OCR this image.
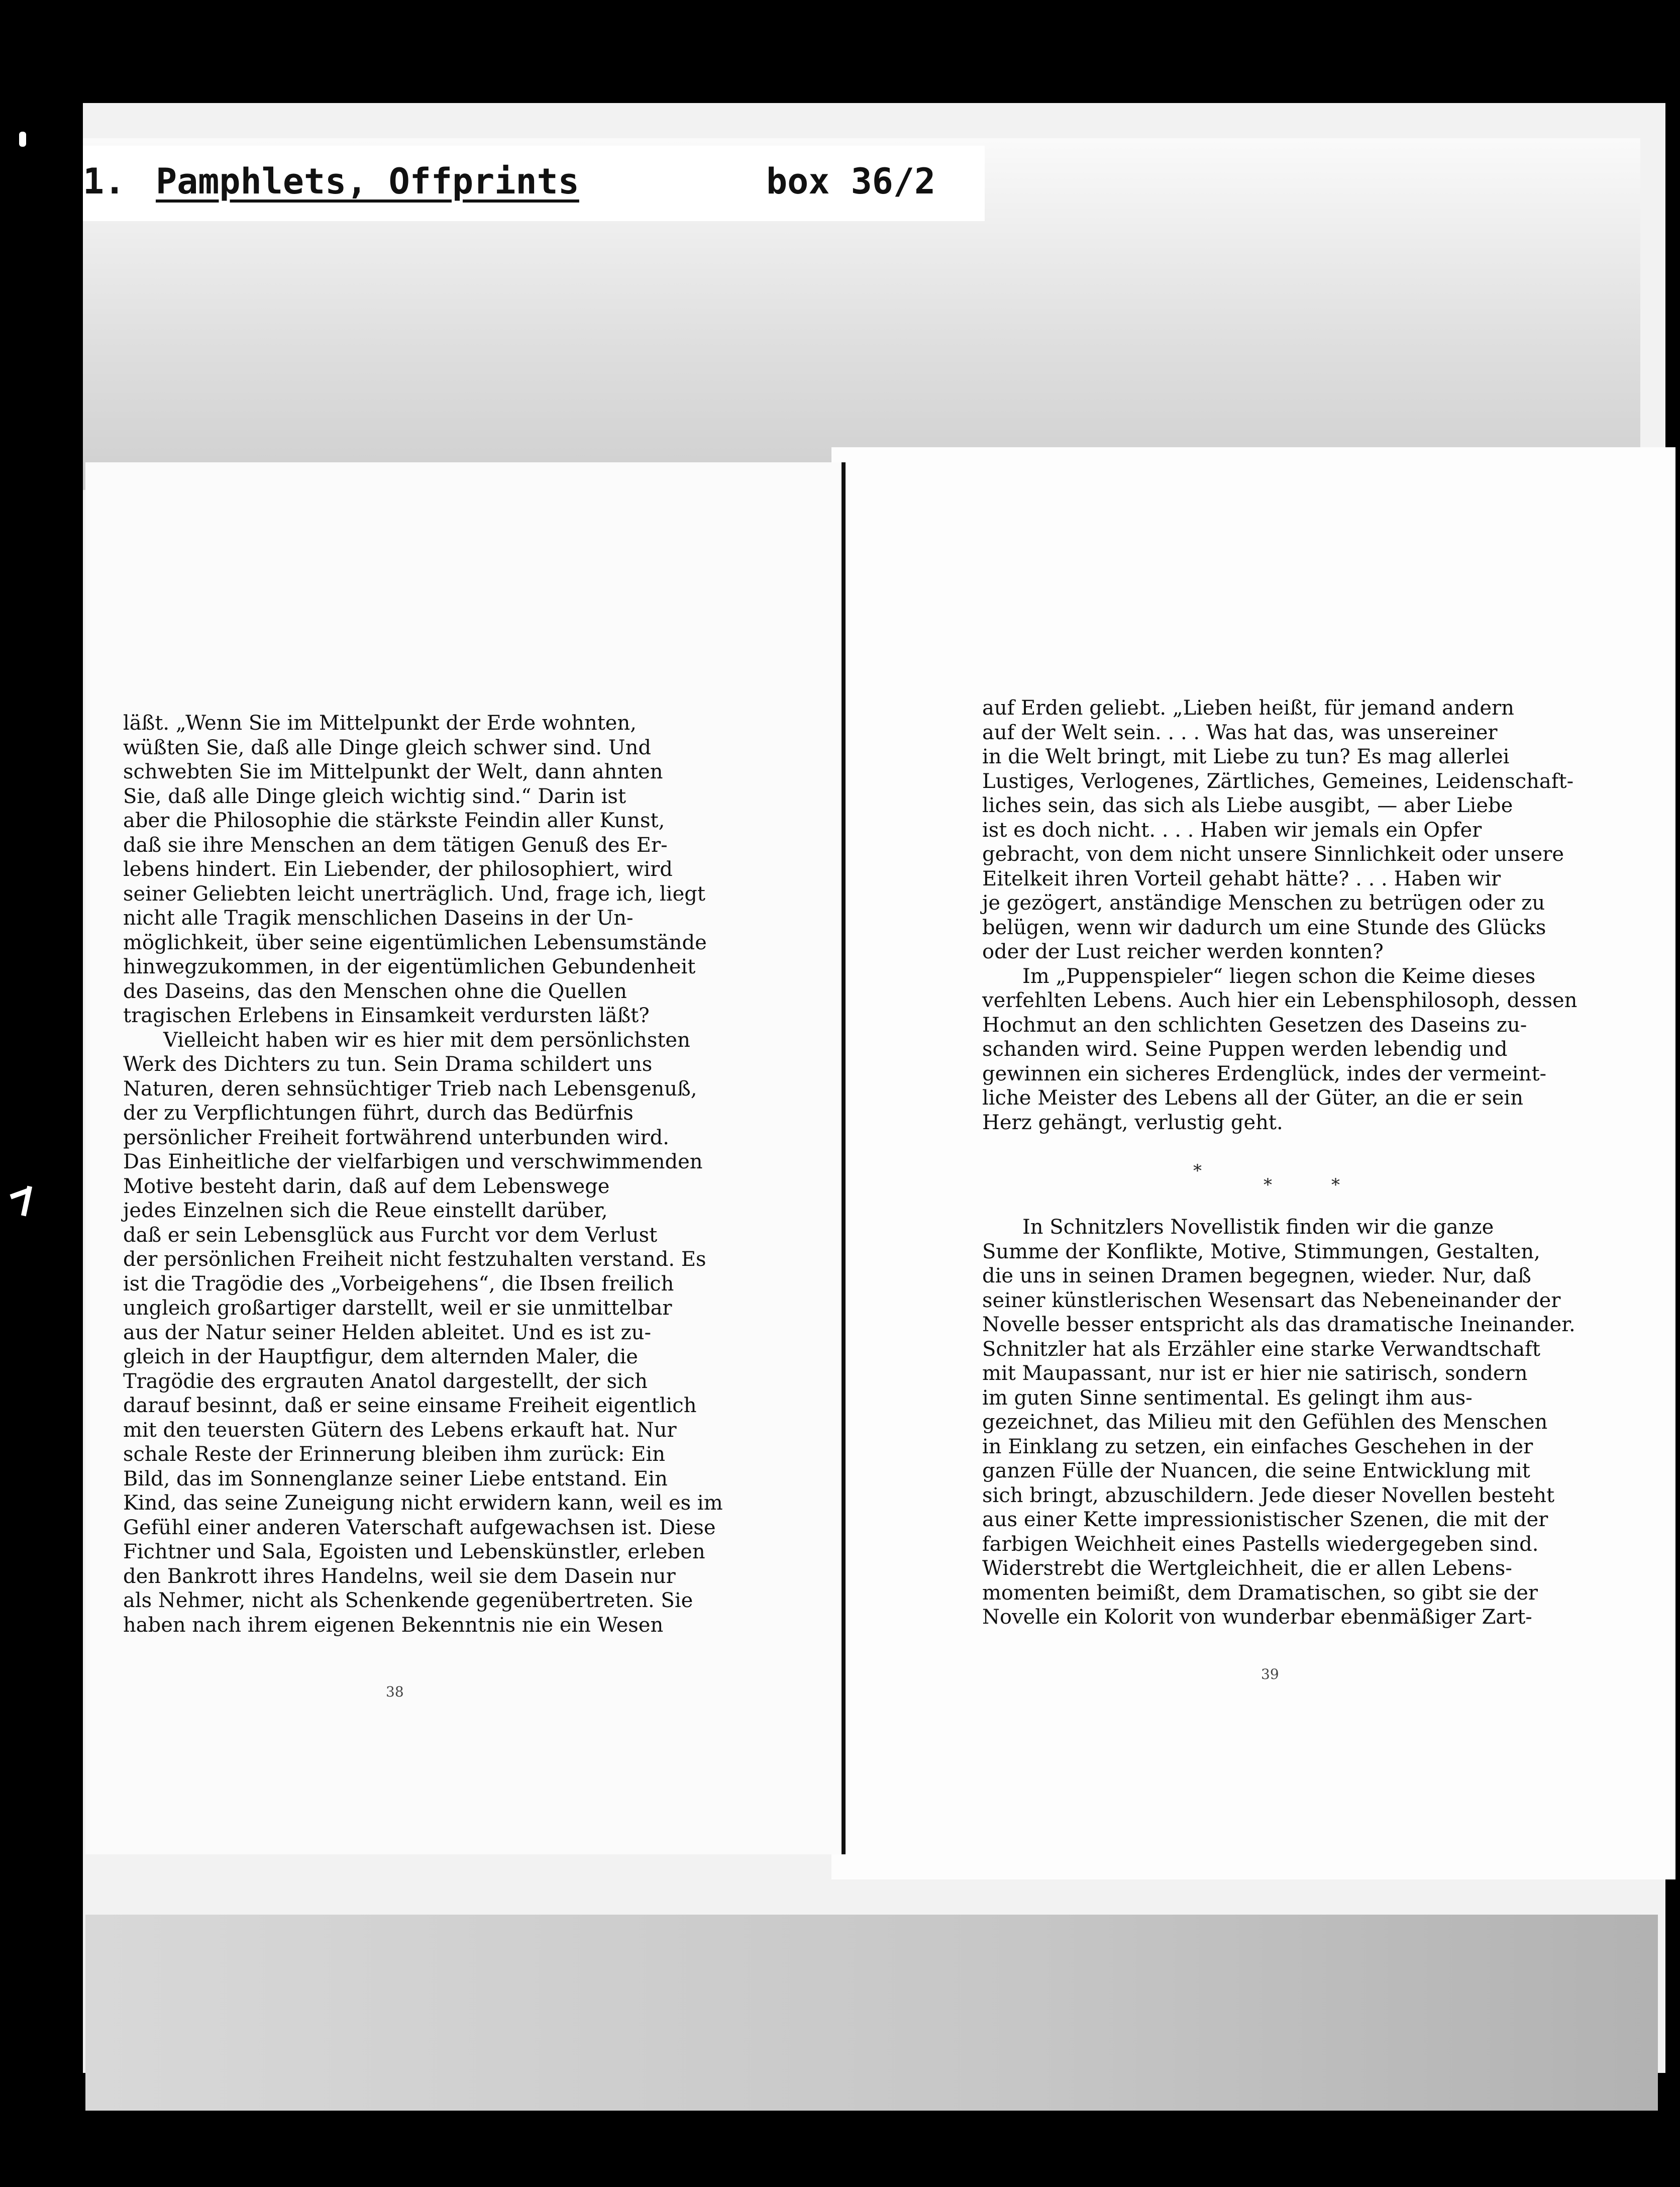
1. Pamphlets, Offprints	box 36/2

läßt. „Wenn Sie im Mittelpunkt der Erde wohnten,

wüßten Sie, daß alle Dinge gleich schwer sind. Und

schwebten Sie im Mittelpunkt der Welt, dann ahnten

Sie, daß alle Dinge gleich wichtig sind.“ Darin ist

aber die Philosophie die stärkste Feindin aller Kunst,

daß sie ihre Menschen an dem tätigen Genuß des Er-

lebens hindert. Ein Liebender, der philosophiert, wird

seiner Geliebten leicht unerträglich. Und, frage ich, liegt

nicht alle Tragik menschlichen Daseins in der Un-

möglichkeit, über seine eigentümlichen Lebensumstände

hinwegzukommen, in der eigentümlichen Gebundenheit

des Daseins, das den Menschen ohne die Quellen

tragischen Erlebens in Einsamkeit verdursten läßt?

Vielleicht haben wir es hier mit dem persönlichsten

Werk des Dichters zu tun. Sein Drama schildert uns

Naturen, deren sehnsüchtiger Trieb nach Lebensgenuß,

der zu Verpflichtungen führt, durch das Bedürfnis

persönlicher Freiheit fortwährend unterbunden wird.

Das Einheitliche der vielfarbigen und verschwimmenden

Motive besteht darin, daß auf dem Lebenswege

jedes Einzelnen sich die Reue einstellt darüber,

daß er sein Lebensglück aus Furcht vor dem Verlust

der persönlichen Freiheit nicht festzuhalten verstand. Es

ist die Tragödie des „Vorbeigehens“, die Ibsen freilich

ungleich großartiger darstellt, weil er sie unmittelbar

aus der Natur seiner Helden ableitet. Und es ist zu-

gleich in der Hauptfigur, dem alternden Maler, die

Tragödie des ergrauten Anatol dargestellt, der sich

darauf besinnt, daß er seine einsame Freiheit eigentlich

mit den teuersten Gütern des Lebens erkauft hat. Nur

schale Reste der Erinnerung bleiben ihm zurück: Ein

Bild, das im Sonnenglanze seiner Liebe entstand. Ein

Kind, das seine Zuneigung nicht erwidern kann, weil es im

Gefühl einer anderen Vaterschaft aufgewachsen ist. Diese

Fichtner und Sala, Egoisten und Lebenskünstler, erleben

den Bankrott ihres Handelns, weil sie dem Dasein nur

als Nehmer, nicht als Schenkende gegenübertreten. Sie

haben nach ihrem eigenen Bekenntnis nie ein Wesen

38

auf Erden geliebt. „Lieben heißt, für jemand andern

auf der Welt sein. . . . Was hat das, was unsereiner

in die Welt bringt, mit Liebe zu tun? Es mag allerlei

Lustiges, Verlogenes, Zärtliches, Gemeines, Leidenschaft-

liches sein, das sich als Liebe ausgibt, — aber Liebe

ist es doch nicht. . . . Haben wir jemals ein Opfer

gebracht, von dem nicht unsere Sinnlichkeit oder unsere

Eitelkeit ihren Vorteil gehabt hätte? . . . Haben wir

je gezögert, anständige Menschen zu betrügen oder zu

belügen, wenn wir dadurch um eine Stunde des Glücks

oder der Lust reicher werden konnten?

Im „Puppenspieler“ liegen schon die Keime dieses

verfehlten Lebens. Auch hier ein Lebensphilosoph, dessen

Hochmut an den schlichten Gesetzen des Daseins zu-

schanden wird. Seine Puppen werden lebendig und

gewinnen ein sicheres Erdenglück, indes der vermeint-

liche Meister des Lebens all der Güter, an die er sein

Herz gehängt, verlustig geht.

*
*	*

In Schnitzlers Novellistik finden wir die ganze

Summe der Konflikte, Motive, Stimmungen, Gestalten,

die uns in seinen Dramen begegnen, wieder. Nur, daß

seiner künstlerischen Wesensart das Nebeneinander der

Novelle besser entspricht als das dramatische Ineinander.

Schnitzler hat als Erzähler eine starke Verwandtschaft

mit Maupassant, nur ist er hier nie satirisch, sondern

im guten Sinne sentimental. Es gelingt ihm aus-

gezeichnet, das Milieu mit den Gefühlen des Menschen

in Einklang zu setzen, ein einfaches Geschehen in der

ganzen Fülle der Nuancen, die seine Entwicklung mit

sich bringt, abzuschildern. Jede dieser Novellen besteht

aus einer Kette impressionistischer Szenen, die mit der

farbigen Weichheit eines Pastells wiedergegeben sind.

Widerstrebt die Wertgleichheit, die er allen Lebens-

momenten beimißt, dem Dramatischen, so gibt sie der

Novelle ein Kolorit von wunderbar ebenmäßiger Zart-

39
